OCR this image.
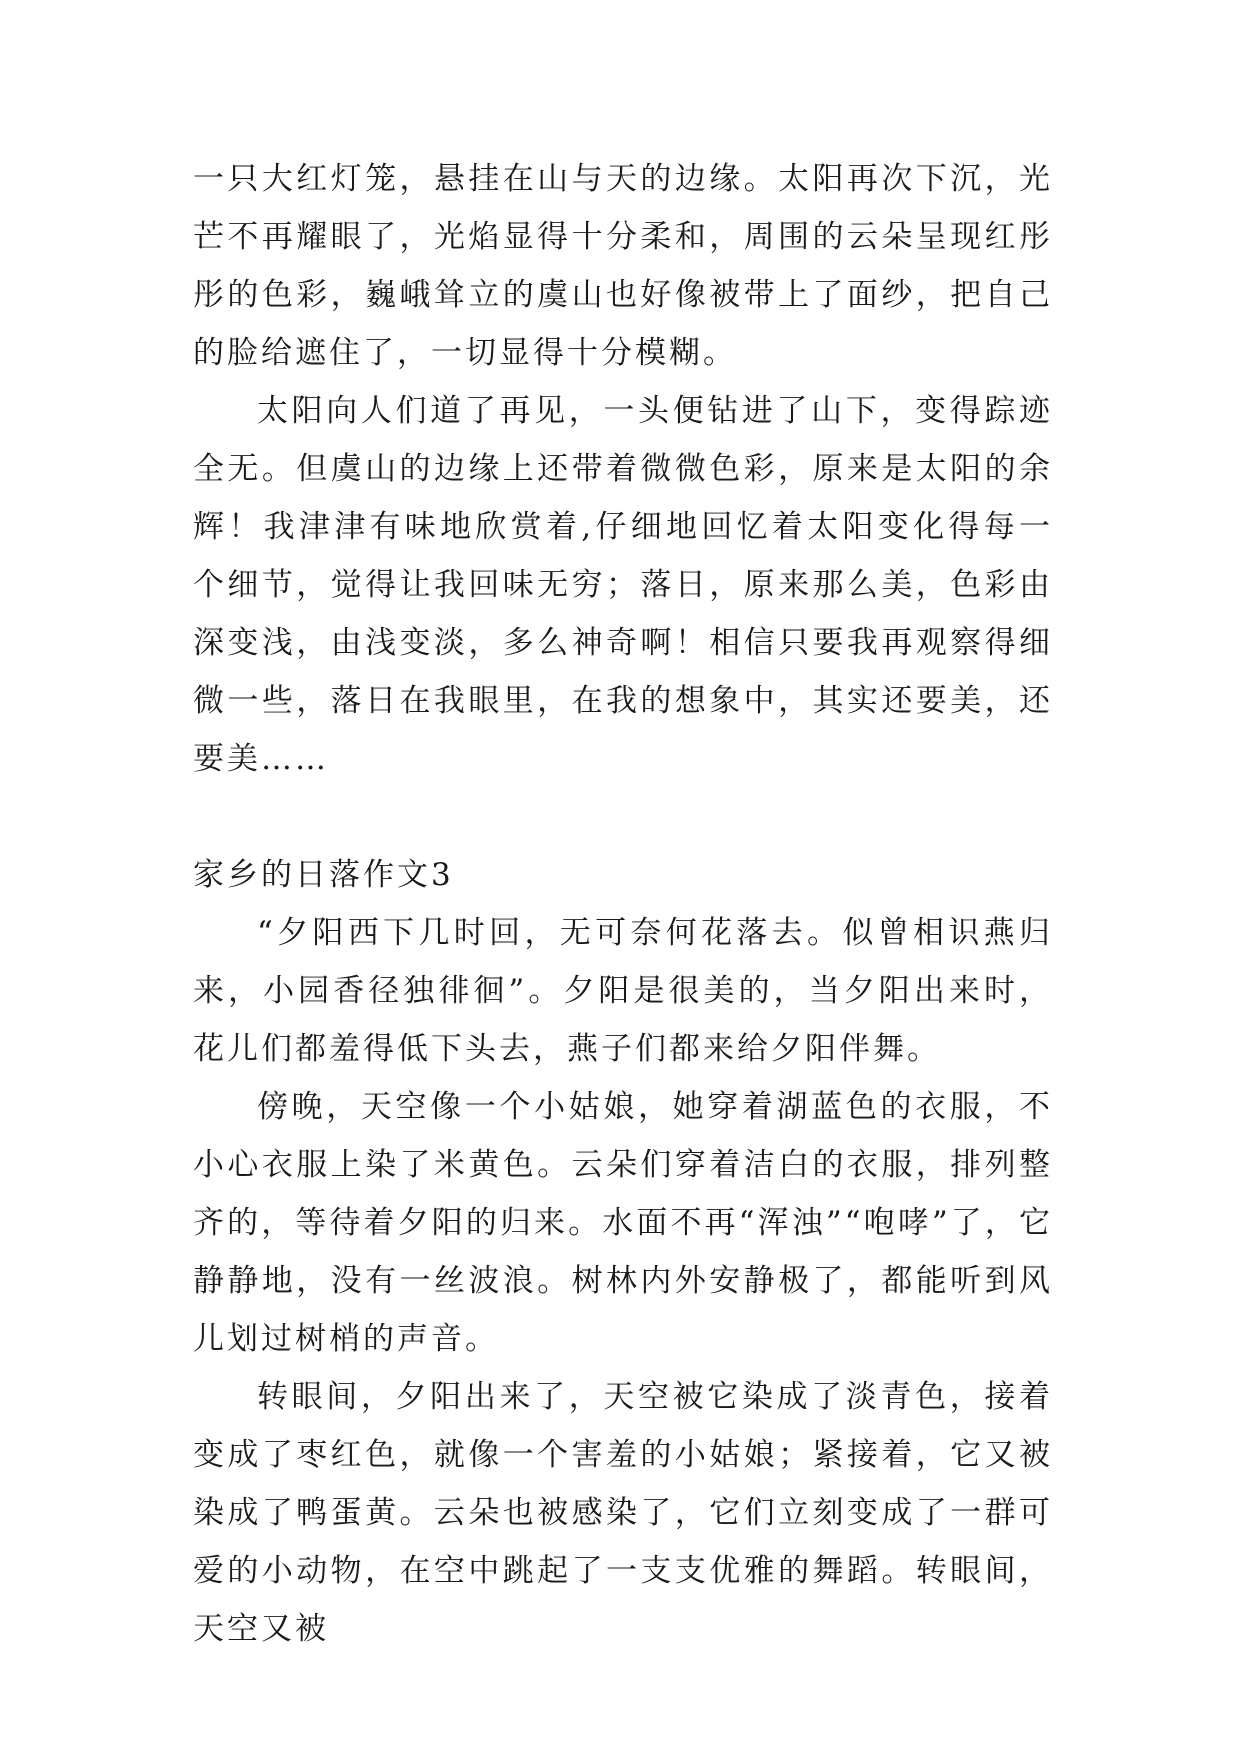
一只大红灯笼，悬挂在山与天的边缘。太阳再次下沉，光芒不再耀眼了，光焰显得十分柔和，周围的云朵呈现红彤彤的色彩，巍峨耸立的虞山也好像被带上了面纱，把自己的脸给遮住了，一切显得十分模糊。

太阳向人们道了再见，一头便钻进了山下，变得踪迹全无。但虞山的边缘上还带着微微色彩，原来是太阳的余辉！我津津有味地欣赏着,仔细地回忆着太阳变化得每一个细节，觉得让我回味无穷；落日，原来那么美，色彩由深变浅，由浅变淡，多么神奇啊！相信只要我再观察得细微一些，落日在我眼里，在我的想象中，其实还要美，还要美……

家乡的日落作文3

“夕阳西下几时回，无可奈何花落去。似曾相识燕归来，小园香径独徘徊”。夕阳是很美的，当夕阳出来时，花儿们都羞得低下头去，燕子们都来给夕阳伴舞。

傍晚，天空像一个小姑娘，她穿着湖蓝色的衣服，不小心衣服上染了米黄色。云朵们穿着洁白的衣服，排列整齐的，等待着夕阳的归来。水面不再“浑浊”“咆哮”了，它静静地，没有一丝波浪。树林内外安静极了，都能听到风儿划过树梢的声音。

转眼间，夕阳出来了，天空被它染成了淡青色，接着变成了枣红色，就像一个害羞的小姑娘；紧接着，它又被染成了鸭蛋黄。云朵也被感染了，它们立刻变成了一群可爱的小动物，在空中跳起了一支支优雅的舞蹈。转眼间，天空又被
